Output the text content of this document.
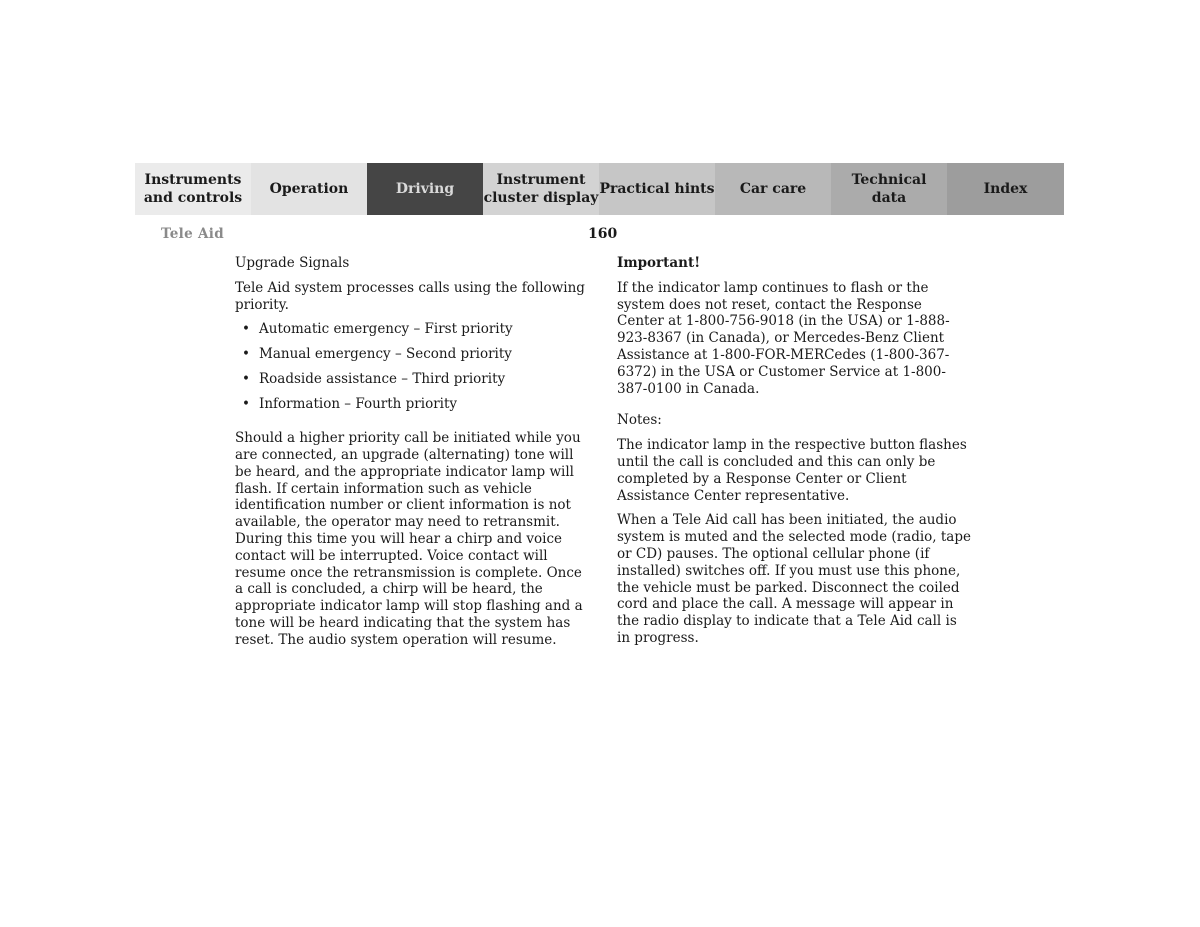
Instruments
and controls
Operation	Driving
Instrument
cluster display
Practical hints	Car care
Technical
data
Index
Tele Aid	160

Upgrade Signals

Tele Aid system processes calls using the following priority.

• Automatic emergency – First priority
• Manual emergency – Second priority
• Roadside assistance – Third priority
• Information – Fourth priority

Should a higher priority call be initiated while you are connected, an upgrade (alternating) tone will be heard, and the appropriate indicator lamp will flash. If certain information such as vehicle identification number or client information is not available, the operator may need to retransmit. During this time you will hear a chirp and voice contact will be interrupted. Voice contact will resume once the retransmission is complete. Once a call is concluded, a chirp will be heard, the appropriate indicator lamp will stop flashing and a tone will be heard indicating that the system has reset. The audio system operation will resume.

Important!

If the indicator lamp continues to flash or the system does not reset, contact the Response Center at 1-800-756-9018 (in the USA) or 1-888-923-8367 (in Canada), or Mercedes-Benz Client Assistance at 1-800-FOR-MERCedes (1-800-367-6372) in the USA or Customer Service at 1-800-387-0100 in Canada.

Notes:

The indicator lamp in the respective button flashes until the call is concluded and this can only be completed by a Response Center or Client Assistance Center representative.

When a Tele Aid call has been initiated, the audio system is muted and the selected mode (radio, tape or CD) pauses. The optional cellular phone (if installed) switches off. If you must use this phone, the vehicle must be parked. Disconnect the coiled cord and place the call. A message will appear in the radio display to indicate that a Tele Aid call is in progress.
